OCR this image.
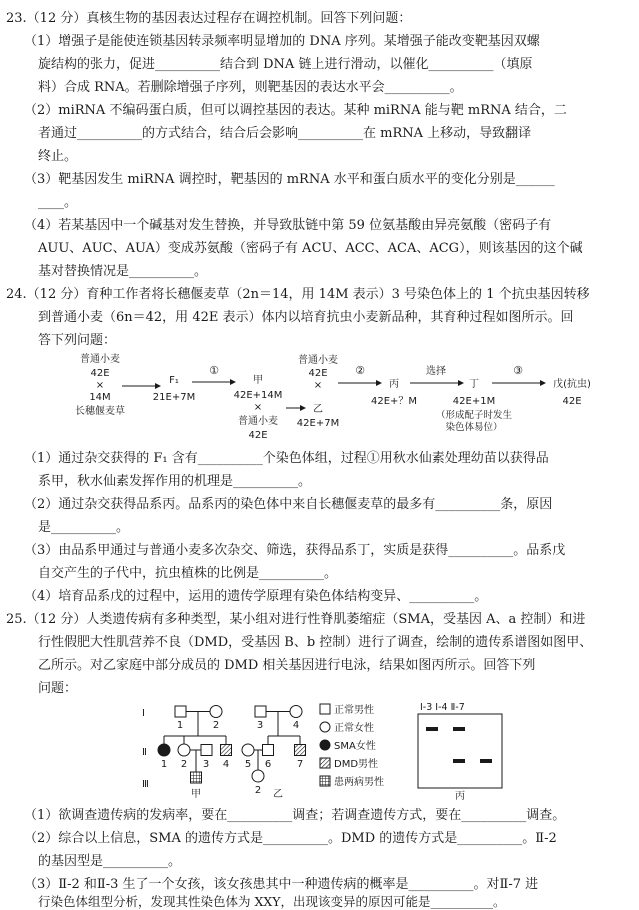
23.（12 分）真核生物的基因表达过程存在调控机制。回答下列问题：
（1）增强子是能使连锁基因转录频率明显增加的 DNA 序列。某增强子能改变靶基因双螺
旋结构的张力，促进__________结合到 DNA 链上进行滑动，以催化__________（填原
料）合成 RNA。若删除增强子序列，则靶基因的表达水平会__________。
（2）miRNA 不编码蛋白质，但可以调控基因的表达。某种 miRNA 能与靶 mRNA 结合，二
者通过__________的方式结合，结合后会影响__________在 mRNA 上移动，导致翻译
终止。
（3）靶基因发生 miRNA 调控时，靶基因的 mRNA 水平和蛋白质水平的变化分别是______
____。
（4）若某基因中一个碱基对发生替换，并导致肽链中第 59 位氨基酸由异亮氨酸（密码子有
AUU、AUC、AUA）变成苏氨酸（密码子有 ACU、ACC、ACA、ACG），则该基因的这个碱
基对替换情况是__________。
24.（12 分）育种工作者将长穗偃麦草（2n＝14，用 14M 表示）3 号染色体上的 1 个抗虫基因转移
到普通小麦（6n＝42，用 42E 表示）体内以培育抗虫小麦新品种，其育种过程如图所示。回
答下列问题：
普通小麦
42E
×
14M
长穗偃麦草
F₁
21E+7M
①
甲
42E+14M
×
普通小麦
42E
普通小麦
42E
×
乙
42E+7M
②
丙
42E+？M
选择
丁
42E+1M
（形成配子时发生
染色体易位）
③
戊(抗虫)
42E
（1）通过杂交获得的 F₁ 含有__________个染色体组，过程①用秋水仙素处理幼苗以获得品
系甲，秋水仙素发挥作用的机理是__________。
（2）通过杂交获得品系丙。品系丙的染色体中来自长穗偃麦草的最多有__________条，原因
是__________。
（3）由品系甲通过与普通小麦多次杂交、筛选，获得品系丁，实质是获得__________。品系戊
自交产生的子代中，抗虫植株的比例是__________。
（4）培育品系戊的过程中，运用的遗传学原理有染色体结构变异、__________。
25.（12 分）人类遗传病有多种类型，某小组对进行性脊肌萎缩症（SMA，受基因 A、a 控制）和进
行性假肥大性肌营养不良（DMD，受基因 B、b 控制）进行了调查，绘制的遗传系谱图如图甲、
乙所示。对乙家庭中部分成员的 DMD 相关基因进行电泳，结果如图丙所示。回答下列
问题：
Ⅰ
Ⅱ
Ⅲ
1	2
1 2 3 4
甲
3	4
5 6	7
2 乙
正常男性
正常女性
SMA女性
DMD男性
患两病男性
Ⅰ-3 Ⅰ-4 Ⅱ-7
丙
（1）欲调查遗传病的发病率，要在__________调查；若调查遗传方式，要在__________调查。
（2）综合以上信息，SMA 的遗传方式是__________。DMD 的遗传方式是__________。Ⅱ-2
的基因型是__________。
（3）Ⅱ-2 和Ⅱ-3 生了一个女孩，该女孩患其中一种遗传病的概率是__________。对Ⅱ-7 进
行染色体组型分析，发现其性染色体为 XXY，出现该变异的原因可能是__________。
